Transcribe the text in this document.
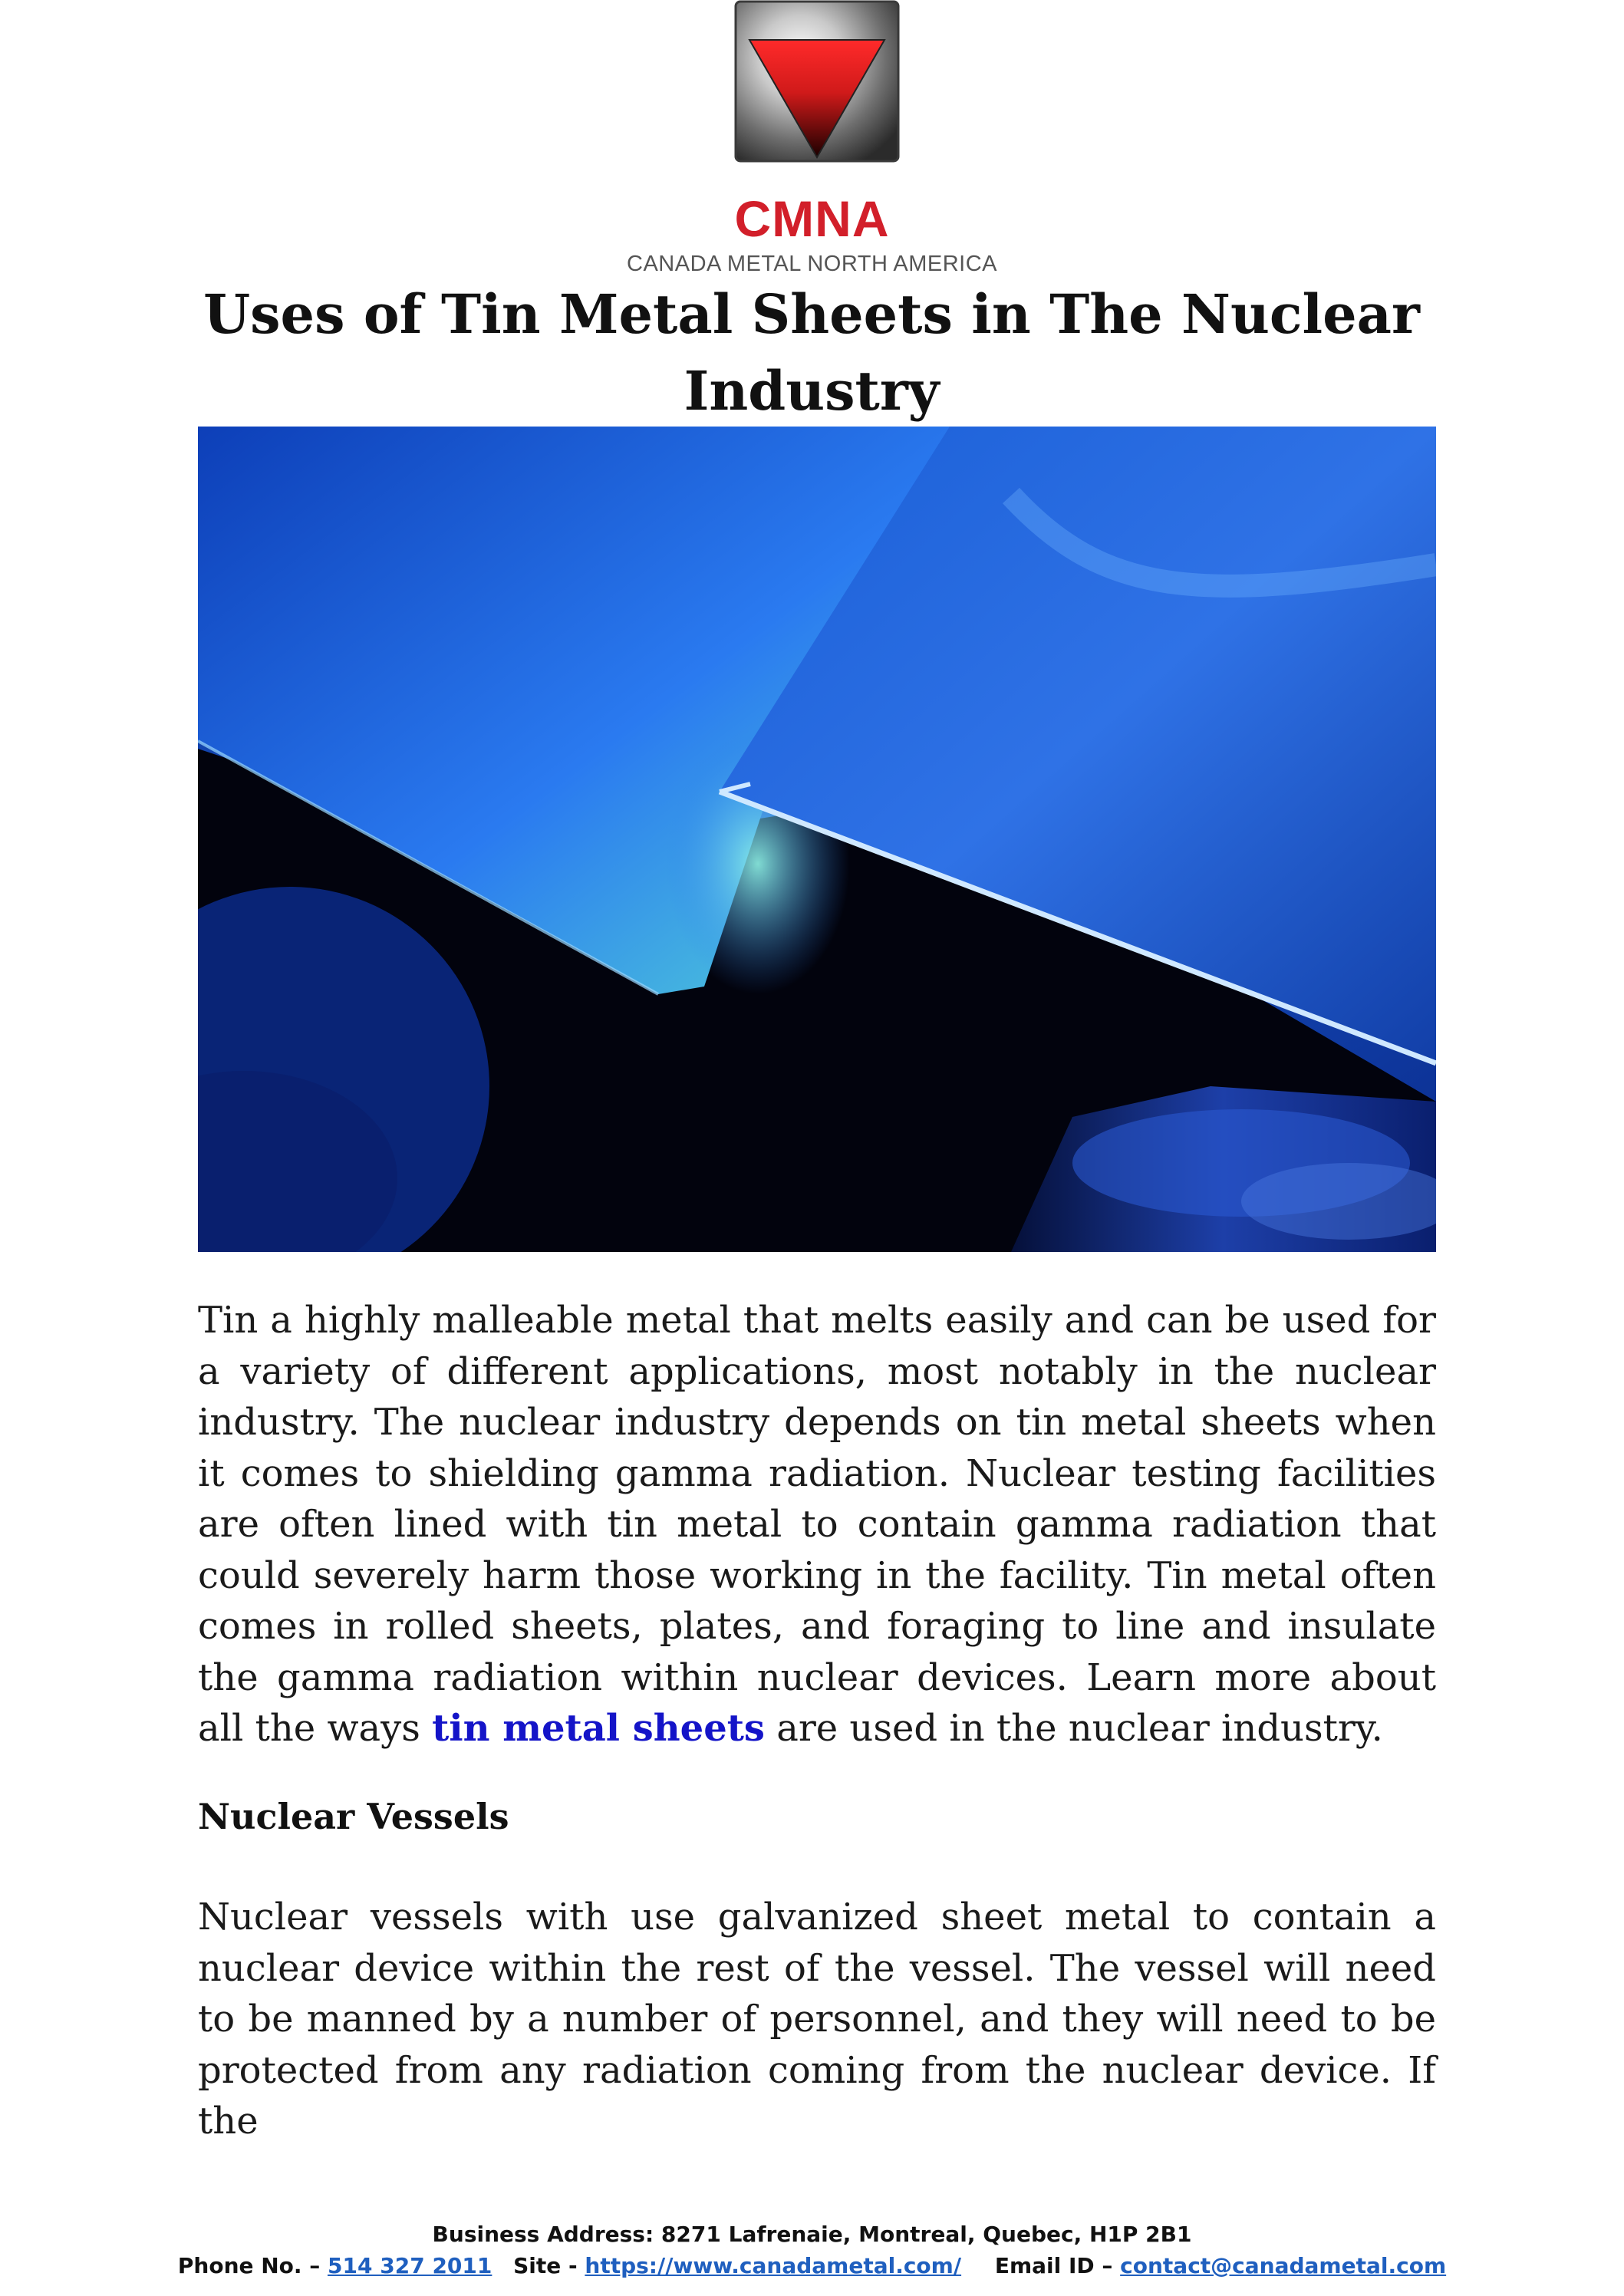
CMNA
CANADA METAL NORTH AMERICA
Uses of Tin Metal Sheets in The Nuclear Industry

Tin a highly malleable metal that melts easily and can be used for a variety of different applications, most notably in the nuclear industry. The nuclear industry depends on tin metal sheets when it comes to shielding gamma radiation. Nuclear testing facilities are often lined with tin metal to contain gamma radiation that could severely harm those working in the facility. Tin metal often comes in rolled sheets, plates, and foraging to line and insulate the gamma radiation within nuclear devices. Learn more about all the ways tin metal sheets are used in the nuclear industry.

Nuclear Vessels

Nuclear vessels with use galvanized sheet metal to contain a nuclear device within the rest of the vessel. The vessel will need to be manned by a number of personnel, and they will need to be protected from any radiation coming from the nuclear device. If the

Business Address: 8271 Lafrenaie, Montreal, Quebec, H1P 2B1
Phone No. – 514 327 2011 Site - https://www.canadametal.com/ Email ID – contact@canadametal.com
